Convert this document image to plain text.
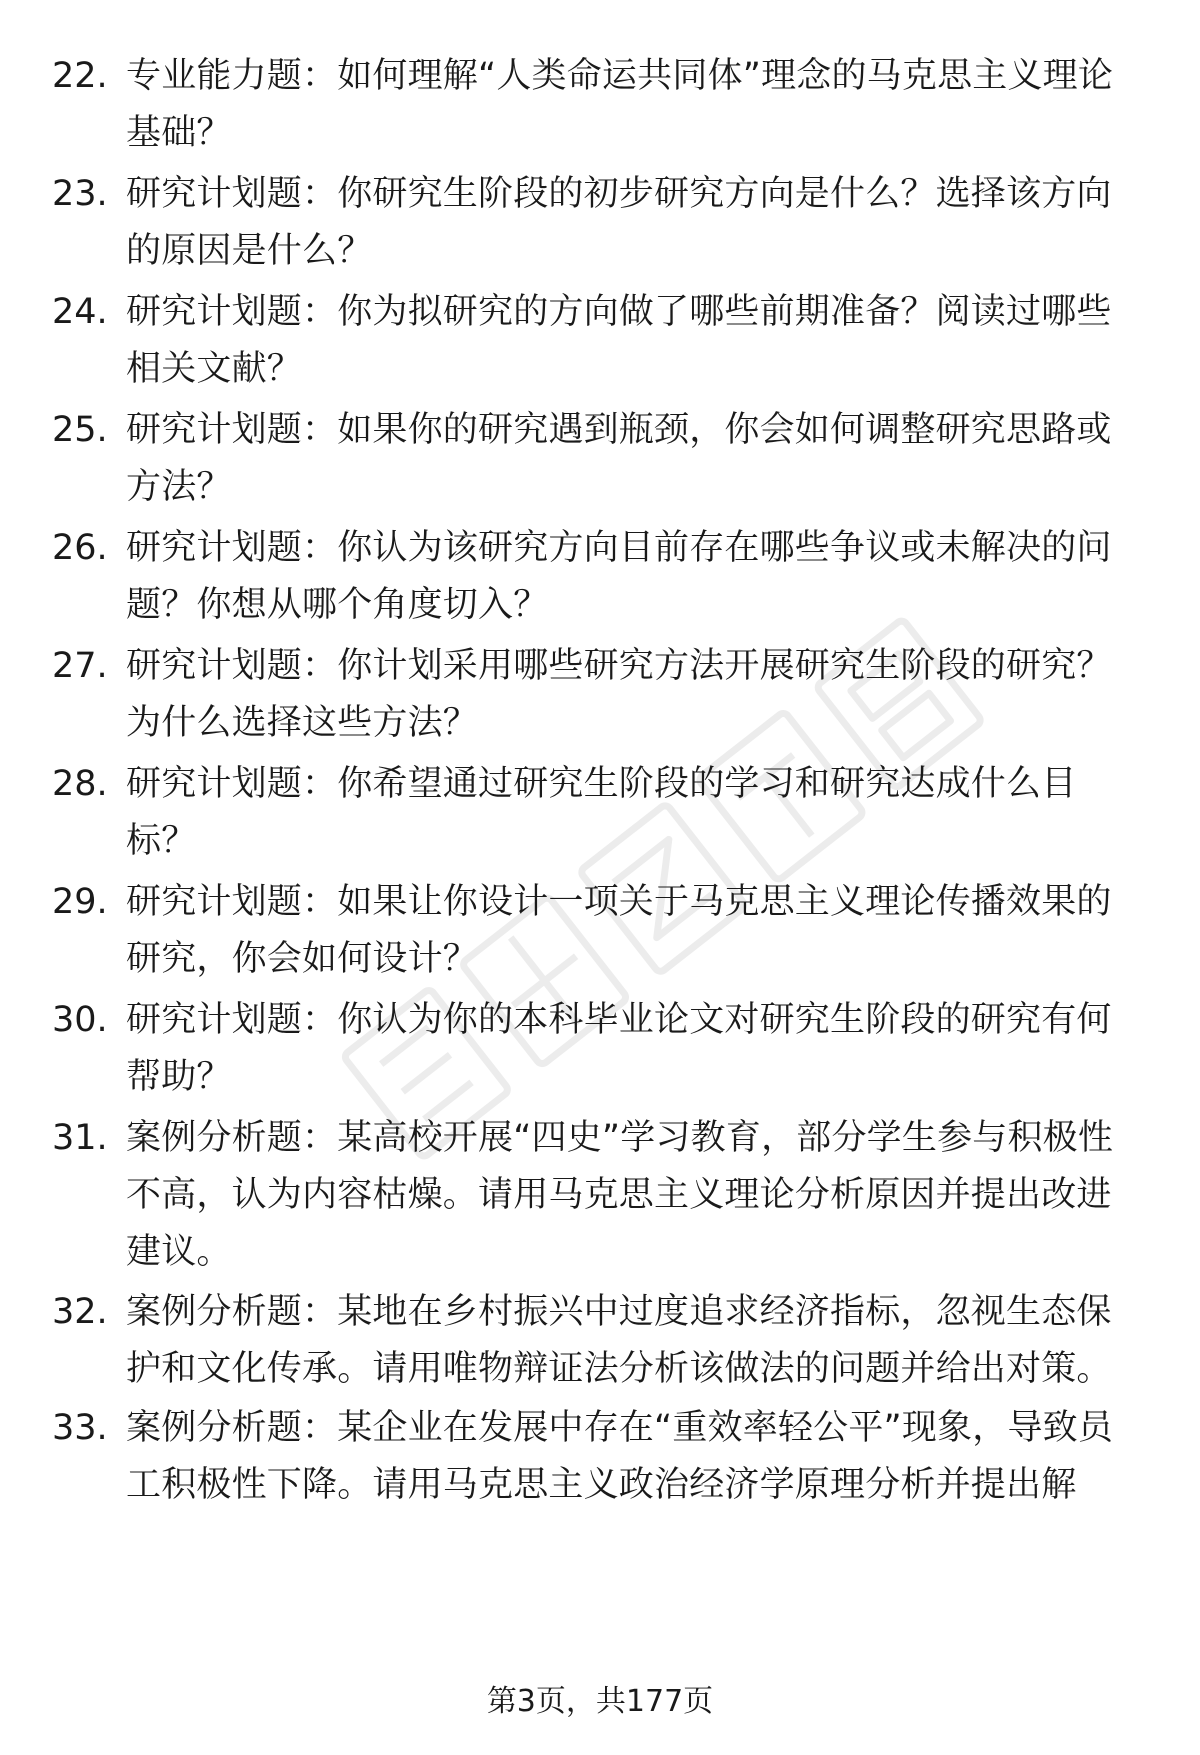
22. 专业能力题：如何理解“人类命运共同体”理念的马克思主义理论基础？
23. 研究计划题：你研究生阶段的初步研究方向是什么？选择该方向的原因是什么？
24. 研究计划题：你为拟研究的方向做了哪些前期准备？阅读过哪些相关文献？
25. 研究计划题：如果你的研究遇到瓶颈，你会如何调整研究思路或方法？
26. 研究计划题：你认为该研究方向目前存在哪些争议或未解决的问题？你想从哪个角度切入？
27. 研究计划题：你计划采用哪些研究方法开展研究生阶段的研究？为什么选择这些方法？
28. 研究计划题：你希望通过研究生阶段的学习和研究达成什么目标？
29. 研究计划题：如果让你设计一项关于马克思主义理论传播效果的研究，你会如何设计？
30. 研究计划题：你认为你的本科毕业论文对研究生阶段的研究有何帮助？
31. 案例分析题：某高校开展“四史”学习教育，部分学生参与积极性不高，认为内容枯燥。请用马克思主义理论分析原因并提出改进建议。
32. 案例分析题：某地在乡村振兴中过度追求经济指标，忽视生态保护和文化传承。请用唯物辩证法分析该做法的问题并给出对策。
33. 案例分析题：某企业在发展中存在“重效率轻公平”现象，导致员工积极性下降。请用马克思主义政治经济学原理分析并提出解
第3页，共177页
